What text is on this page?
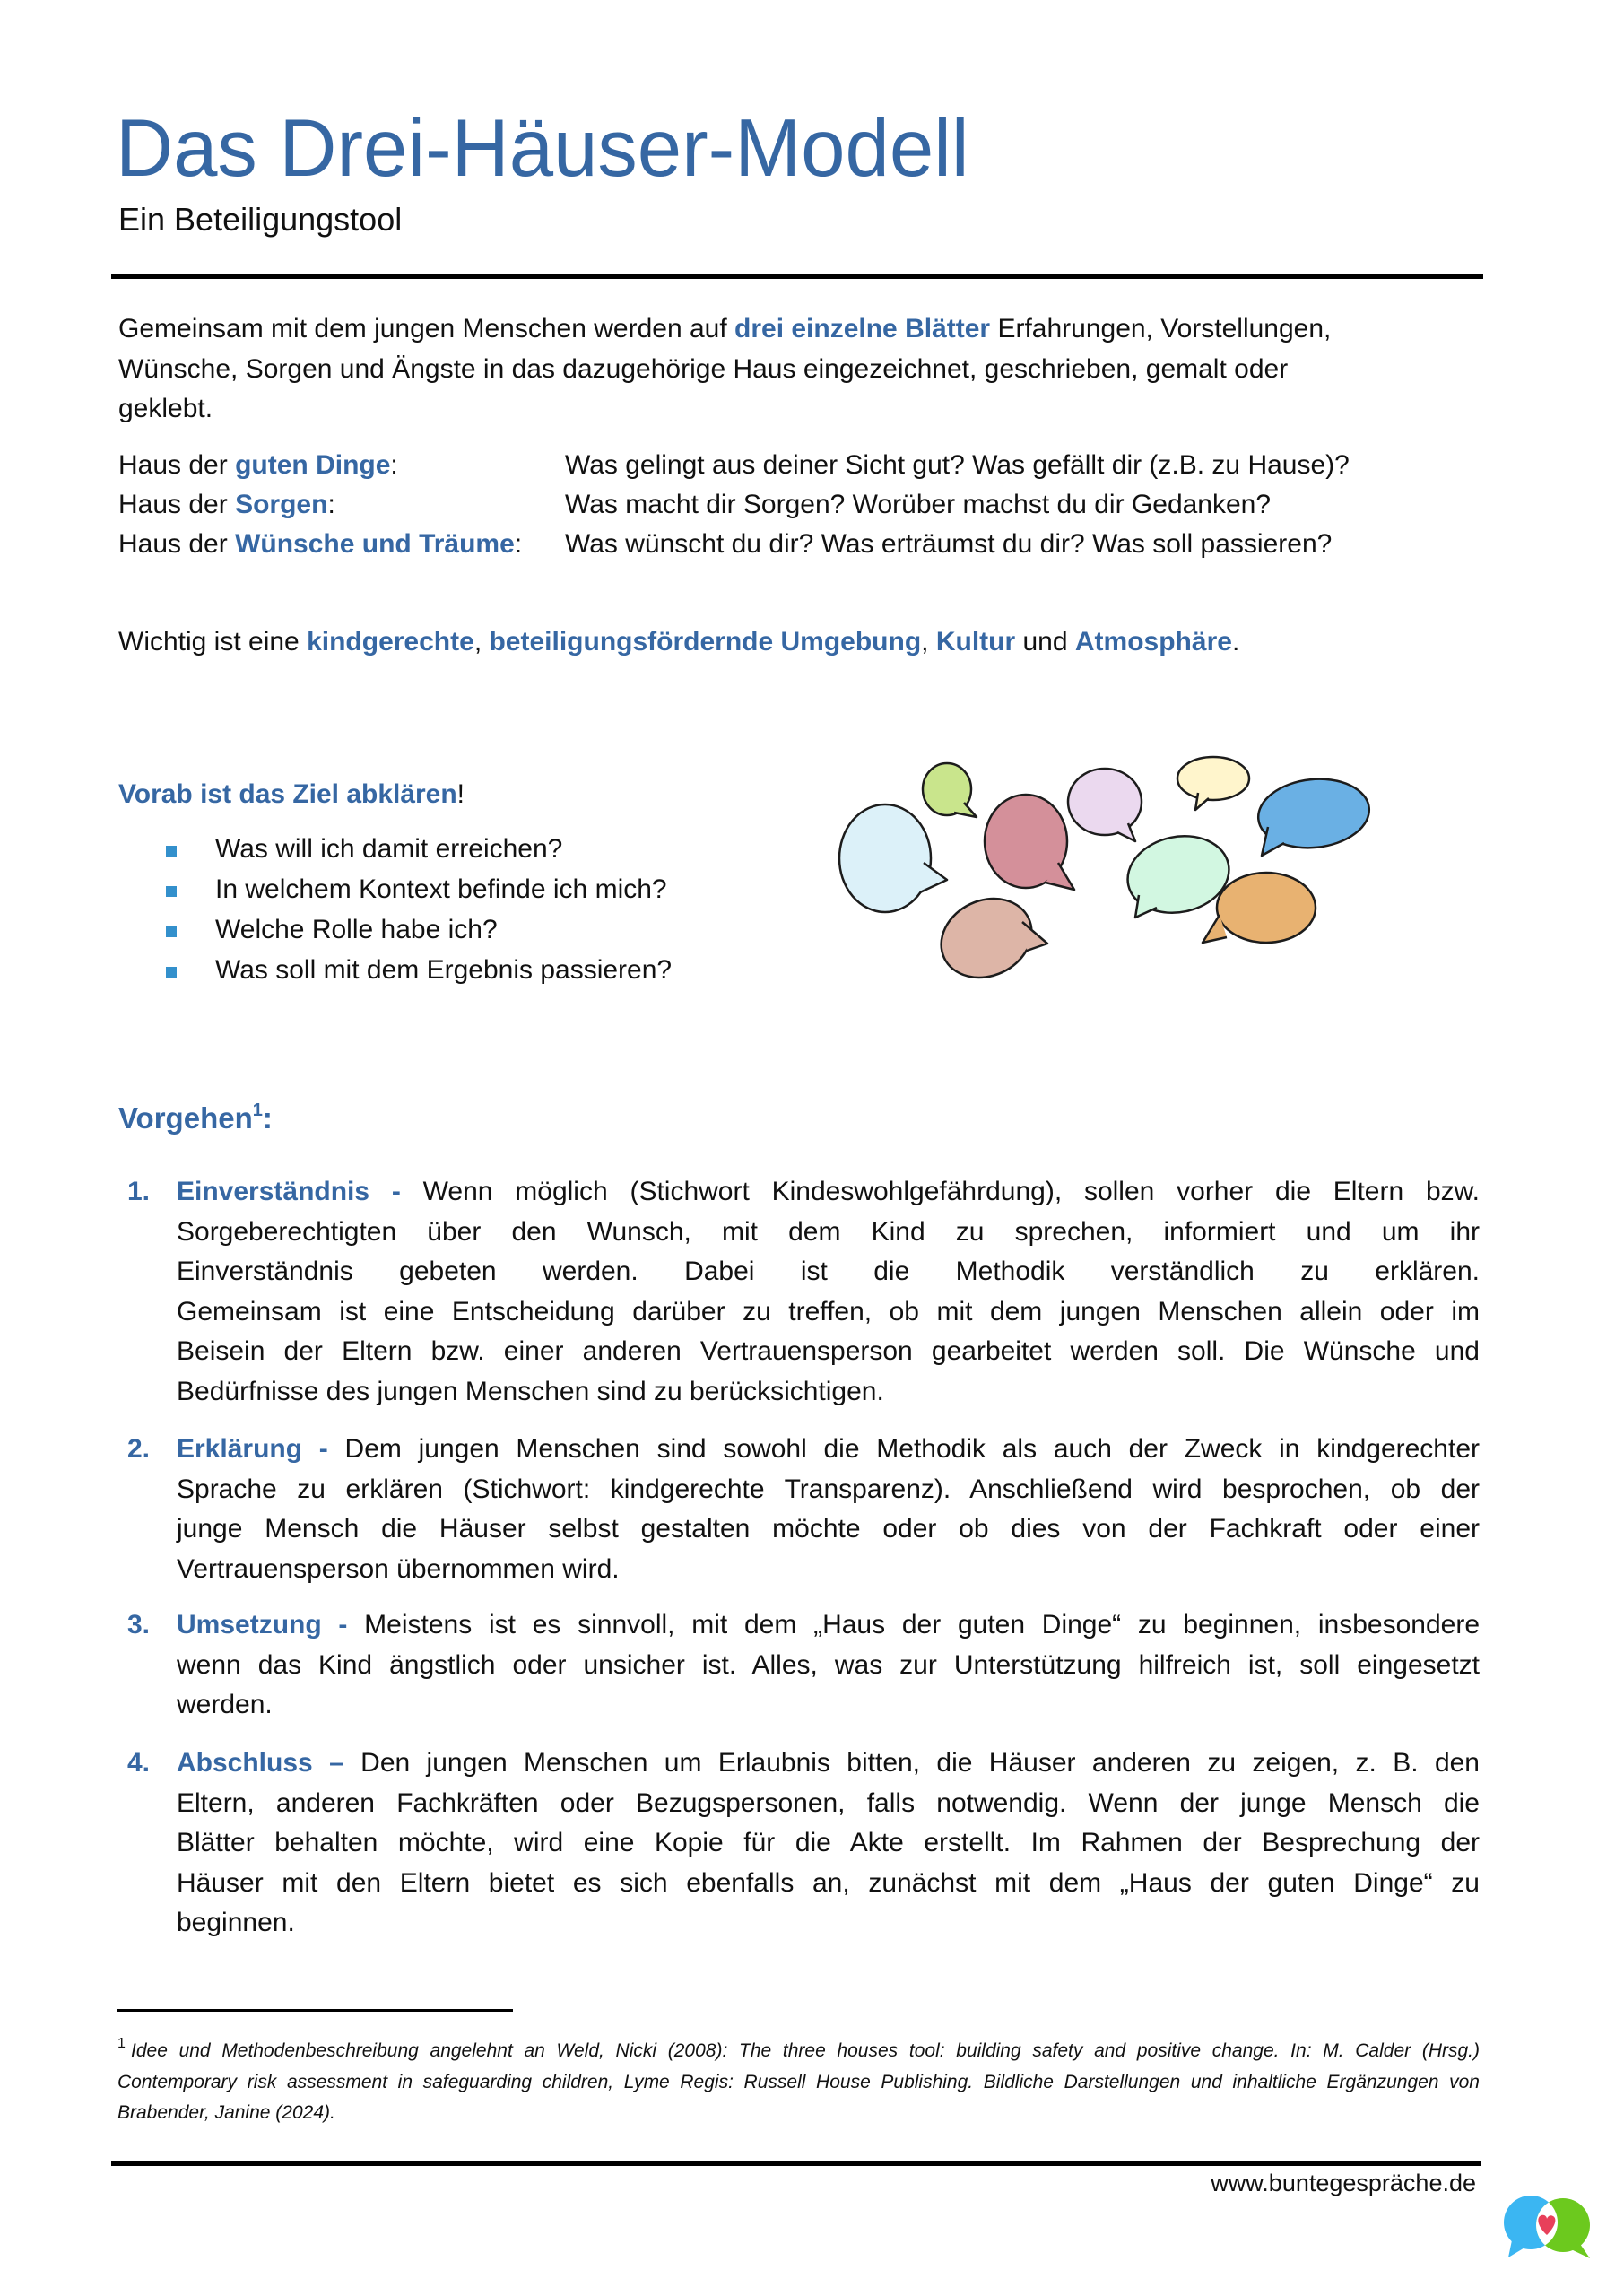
Das Drei-Häuser-Modell
Ein Beteiligungstool
Gemeinsam mit dem jungen Menschen werden auf drei einzelne Blätter Erfahrungen, Vorstellungen,
Wünsche, Sorgen und Ängste in das dazugehörige Haus eingezeichnet, geschrieben, gemalt oder
geklebt.
Haus der guten Dinge:	Was gelingt aus deiner Sicht gut? Was gefällt dir (z.B. zu Hause)?
Haus der Sorgen:	Was macht dir Sorgen? Worüber machst du dir Gedanken?
Haus der Wünsche und Träume: Was wünscht du dir? Was erträumst du dir? Was soll passieren?
Wichtig ist eine kindgerechte, beteiligungsfördernde Umgebung, Kultur und Atmosphäre.
Vorab ist das Ziel abklären!
Was will ich damit erreichen?
In welchem Kontext befinde ich mich?
Welche Rolle habe ich?
Was soll mit dem Ergebnis passieren?
Vorgehen$^1$:
1. Einverständnis - Wenn möglich (Stichwort Kindeswohlgefährdung), sollen vorher die Eltern bzw.
Sorgeberechtigten über den Wunsch, mit dem Kind zu sprechen, informiert und um ihr
Einverständnis gebeten werden. Dabei ist die Methodik verständlich zu erklären.
Gemeinsam ist eine Entscheidung darüber zu treffen, ob mit dem jungen Menschen allein oder im
Beisein der Eltern bzw. einer anderen Vertrauensperson gearbeitet werden soll. Die Wünsche und
Bedürfnisse des jungen Menschen sind zu berücksichtigen.
2. Erklärung - Dem jungen Menschen sind sowohl die Methodik als auch der Zweck in kindgerechter
Sprache zu erklären (Stichwort: kindgerechte Transparenz). Anschließend wird besprochen, ob der
junge Mensch die Häuser selbst gestalten möchte oder ob dies von der Fachkraft oder einer
Vertrauensperson übernommen wird.
3. Umsetzung - Meistens ist es sinnvoll, mit dem „Haus der guten Dinge“ zu beginnen, insbesondere
wenn das Kind ängstlich oder unsicher ist. Alles, was zur Unterstützung hilfreich ist, soll eingesetzt
werden.
4. Abschluss – Den jungen Menschen um Erlaubnis bitten, die Häuser anderen zu zeigen, z. B. den
Eltern, anderen Fachkräften oder Bezugspersonen, falls notwendig. Wenn der junge Mensch die
Blätter behalten möchte, wird eine Kopie für die Akte erstellt. Im Rahmen der Besprechung der
Häuser mit den Eltern bietet es sich ebenfalls an, zunächst mit dem „Haus der guten Dinge“ zu
beginnen.
1 Idee und Methodenbeschreibung angelehnt an Weld, Nicki (2008): The three houses tool: building safety and positive change. In: M. Calder (Hrsg.)
Contemporary risk assessment in safeguarding children, Lyme Regis: Russell House Publishing. Bildliche Darstellungen und inhaltliche Ergänzungen von
Brabender, Janine (2024).
www.buntegespräche.de
